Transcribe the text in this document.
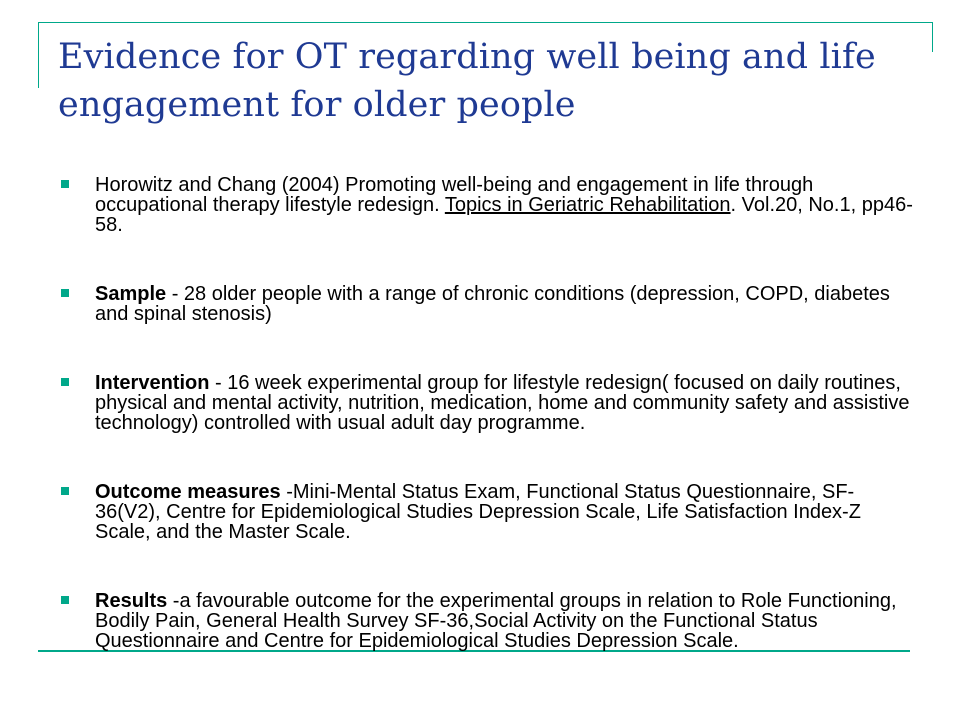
Evidence for OT regarding well being and life
engagement for older people
Horowitz and Chang (2004) Promoting well-being and engagement in life through occupational therapy lifestyle redesign. Topics in Geriatric Rehabilitation. Vol.20, No.1, pp46-58.
Sample - 28 older people with a range of chronic conditions (depression, COPD, diabetes and spinal stenosis)
Intervention - 16 week experimental group for lifestyle redesign( focused on daily routines, physical and mental activity, nutrition, medication, home and community safety and assistive technology) controlled with usual adult day programme.
Outcome measures -Mini-Mental Status Exam, Functional Status Questionnaire, SF-36(V2), Centre for Epidemiological Studies Depression Scale, Life Satisfaction Index-Z Scale, and the Master Scale.
Results -a favourable outcome for the experimental groups in relation to Role Functioning, Bodily Pain, General Health Survey SF-36,Social Activity on the Functional Status Questionnaire and Centre for Epidemiological Studies Depression Scale.
